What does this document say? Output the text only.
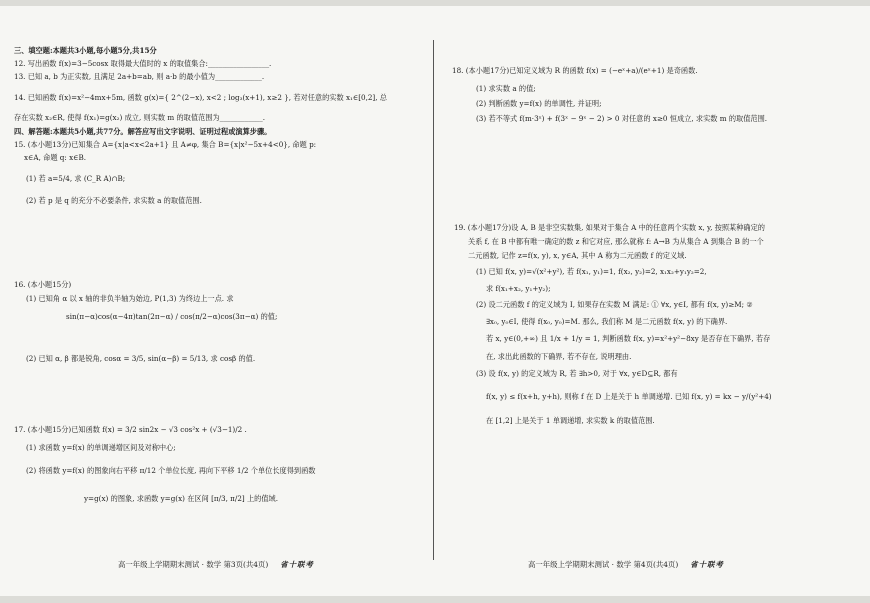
三、填空题:本题共3小题,每小题5分,共15分
12. 写出函数 f(x)=3−5cosx 取得最大值时的 x 的取值集合:_________________.
13. 已知 a, b 为正实数, 且满足 2a+b=ab, 则 a·b 的最小值为_____________.
14. 已知函数 f(x)=x²−4mx+5m, 函数 g(x)={ 2^(2−x), x<2 ; log₃(x+1), x≥2 }, 若对任意的实数 x₁∈[0,2], 总
存在实数 x₂∈R, 使得 f(x₁)=g(x₂) 成立, 则实数 m 的取值范围为____________.
四、解答题:本题共5小题,共77分。解答应写出文字说明、证明过程或演算步骤。
15. (本小题13分)已知集合 A={x|a<x<2a+1} 且 A≠φ, 集合 B={x|x²−5x+4<0}, 命题 p:
x∈A, 命题 q: x∈B.
(1) 若 a=5/4, 求 (C_R A)∩B;
(2) 若 p 是 q 的充分不必要条件, 求实数 a 的取值范围.
16. (本小题15分)
(1) 已知角 α 以 x 轴的非负半轴为始边, P(1,3) 为终边上一点. 求
sin(π−α)cos(α−4π)tan(2π−α) / cos(π/2−α)cos(3π−α) 的值;
(2) 已知 α, β 都是锐角, cosα = 3/5, sin(α−β) = 5/13, 求 cosβ 的值.
17. (本小题15分)已知函数 f(x) = 3/2 sin2x − √3 cos²x + (√3−1)/2 .
(1) 求函数 y=f(x) 的单调递增区间及对称中心;
(2) 将函数 y=f(x) 的图象向右平移 π/12 个单位长度, 再向下平移 1/2 个单位长度得到函数
y=g(x) 的图象, 求函数 y=g(x) 在区间 [π/3, π/2] 上的值域.
18. (本小题17分)已知定义域为 R 的函数 f(x) = (−eˣ+a)/(eˣ+1) 是奇函数.
(1) 求实数 a 的值;
(2) 判断函数 y=f(x) 的单调性, 并证明;
(3) 若不等式 f(m·3ˣ) + f(3ˣ − 9ˣ − 2) > 0 对任意的 x≥0 恒成立, 求实数 m 的取值范围.
19. (本小题17分)设 A, B 是非空实数集, 如果对于集合 A 中的任意两个实数 x, y, 按照某种确定的
关系 f, 在 B 中都有唯一确定的数 z 和它对应, 那么就称 f: A→B 为从集合 A 到集合 B 的一个
二元函数, 记作 z=f(x, y), x, y∈A, 其中 A 称为二元函数 f 的定义域.
(1) 已知 f(x, y)=√(x²+y²), 若 f(x₁, y₁)=1, f(x₂, y₂)=2, x₁x₂+y₁y₂=2,
求 f(x₁+x₂, y₁+y₂);
(2) 设二元函数 f 的定义域为 I, 如果存在实数 M 满足: ① ∀x, y∈I, 都有 f(x, y)≥M; ②
∃x₀, y₀∈I, 使得 f(x₀, y₀)=M. 那么, 我们称 M 是二元函数 f(x, y) 的下确界.
若 x, y∈(0,+∞) 且 1/x + 1/y = 1, 判断函数 f(x, y)=x²+y²−8xy 是否存在下确界, 若存
在, 求出此函数的下确界, 若不存在, 说明理由.
(3) 设 f(x, y) 的定义域为 R, 若 ∃h>0, 对于 ∀x, y∈D⊆R, 都有
f(x, y) ≤ f(x+h, y+h), 则称 f 在 D 上是关于 h 单调递增. 已知 f(x, y) = kx − y/(y²+4)
在 [1,2] 上是关于 1 单调递增, 求实数 k 的取值范围.
高一年级上学期期末测试 · 数学 第3页(共4页) 省十联考	高一年级上学期期末测试 · 数学 第4页(共4页) 省十联考
